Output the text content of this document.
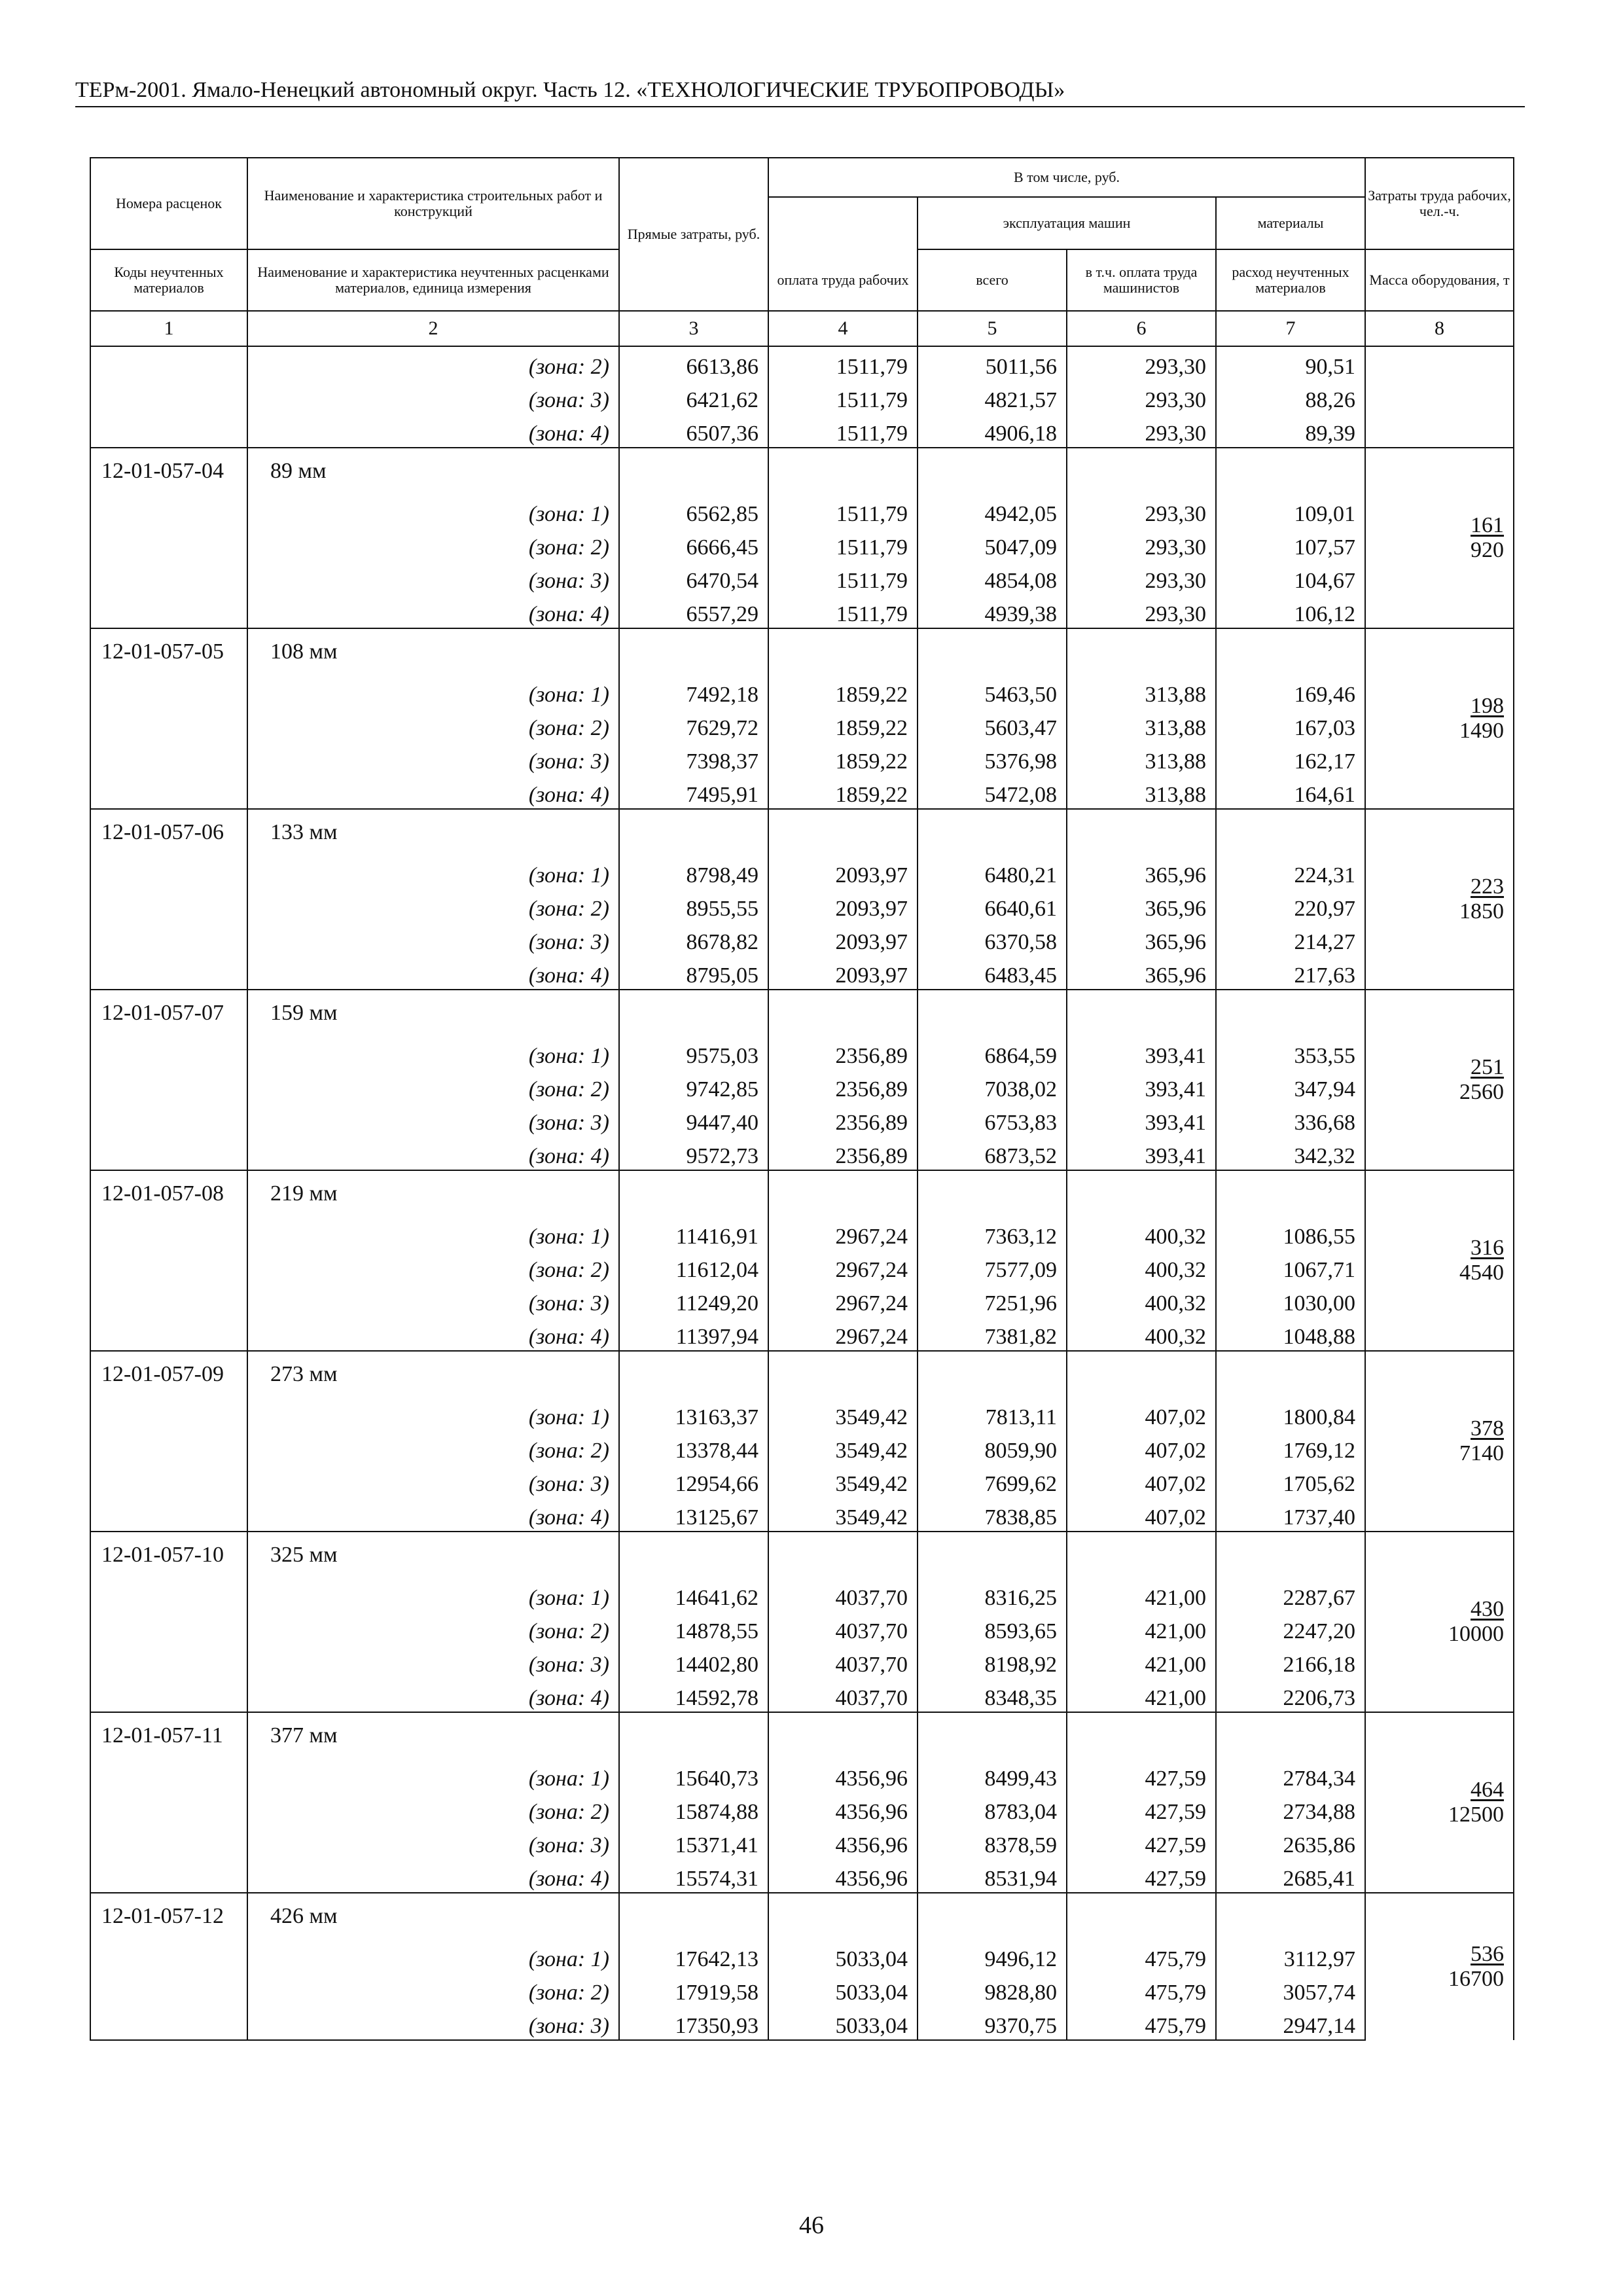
ТЕРм-2001. Ямало-Ненецкий автономный округ. Часть 12. «ТЕХНОЛОГИЧЕСКИЕ ТРУБОПРОВОДЫ»
Номера расценок	Наименование и характеристика строительных работ и конструкций	Прямые затраты, руб.	В том числе, руб.				Затраты труда рабочих, чел.-ч.
				эксплуатация машин		материалы	
Коды неучтенных материалов	Наименование и характеристика неучтенных расценками материалов, единица измерения		оплата труда рабочих	всего	в т.ч. оплата труда машинистов	расход неучтенных материалов	Масса оборудования, т
1	2	3	4	5	6	7	8
	(зона: 2)	6613,86	1511,79	5011,56	293,30	90,51	
	(зона: 3)	6421,62	1511,79	4821,57	293,30	88,26	
	(зона: 4)	6507,36	1511,79	4906,18	293,30	89,39	
12-01-057-04	89 мм						$\frac{161}{920}$

	(зона: 1)	6562,85	1511,79	4942,05	293,30	109,01	
	(зона: 2)	6666,45	1511,79	5047,09	293,30	107,57	
	(зона: 3)	6470,54	1511,79	4854,08	293,30	104,67	
	(зона: 4)	6557,29	1511,79	4939,38	293,30	106,12	
12-01-057-05	108 мм						$\frac{198}{1490}$

	(зона: 1)	7492,18	1859,22	5463,50	313,88	169,46	
	(зона: 2)	7629,72	1859,22	5603,47	313,88	167,03	
	(зона: 3)	7398,37	1859,22	5376,98	313,88	162,17	
	(зона: 4)	7495,91	1859,22	5472,08	313,88	164,61	
12-01-057-06	133 мм						$\frac{223}{1850}$

	(зона: 1)	8798,49	2093,97	6480,21	365,96	224,31	
	(зона: 2)	8955,55	2093,97	6640,61	365,96	220,97	
	(зона: 3)	8678,82	2093,97	6370,58	365,96	214,27	
	(зона: 4)	8795,05	2093,97	6483,45	365,96	217,63	
12-01-057-07	159 мм						$\frac{251}{2560}$

	(зона: 1)	9575,03	2356,89	6864,59	393,41	353,55	
	(зона: 2)	9742,85	2356,89	7038,02	393,41	347,94	
	(зона: 3)	9447,40	2356,89	6753,83	393,41	336,68	
	(зона: 4)	9572,73	2356,89	6873,52	393,41	342,32	
12-01-057-08	219 мм						$\frac{316}{4540}$

	(зона: 1)	11416,91	2967,24	7363,12	400,32	1086,55	
	(зона: 2)	11612,04	2967,24	7577,09	400,32	1067,71	
	(зона: 3)	11249,20	2967,24	7251,96	400,32	1030,00	
	(зона: 4)	11397,94	2967,24	7381,82	400,32	1048,88	
12-01-057-09	273 мм						$\frac{378}{7140}$

	(зона: 1)	13163,37	3549,42	7813,11	407,02	1800,84	
	(зона: 2)	13378,44	3549,42	8059,90	407,02	1769,12	
	(зона: 3)	12954,66	3549,42	7699,62	407,02	1705,62	
	(зона: 4)	13125,67	3549,42	7838,85	407,02	1737,40	
12-01-057-10	325 мм						$\frac{430}{10000}$

	(зона: 1)	14641,62	4037,70	8316,25	421,00	2287,67	
	(зона: 2)	14878,55	4037,70	8593,65	421,00	2247,20	
	(зона: 3)	14402,80	4037,70	8198,92	421,00	2166,18	
	(зона: 4)	14592,78	4037,70	8348,35	421,00	2206,73	
12-01-057-11	377 мм						$\frac{464}{12500}$

	(зона: 1)	15640,73	4356,96	8499,43	427,59	2784,34	
	(зона: 2)	15874,88	4356,96	8783,04	427,59	2734,88	
	(зона: 3)	15371,41	4356,96	8378,59	427,59	2635,86	
	(зона: 4)	15574,31	4356,96	8531,94	427,59	2685,41	
12-01-057-12	426 мм						$\frac{536}{16700}$

	(зона: 1)	17642,13	5033,04	9496,12	475,79	3112,97	
	(зона: 2)	17919,58	5033,04	9828,80	475,79	3057,74	
	(зона: 3)	17350,93	5033,04	9370,75	475,79	2947,14	
46
